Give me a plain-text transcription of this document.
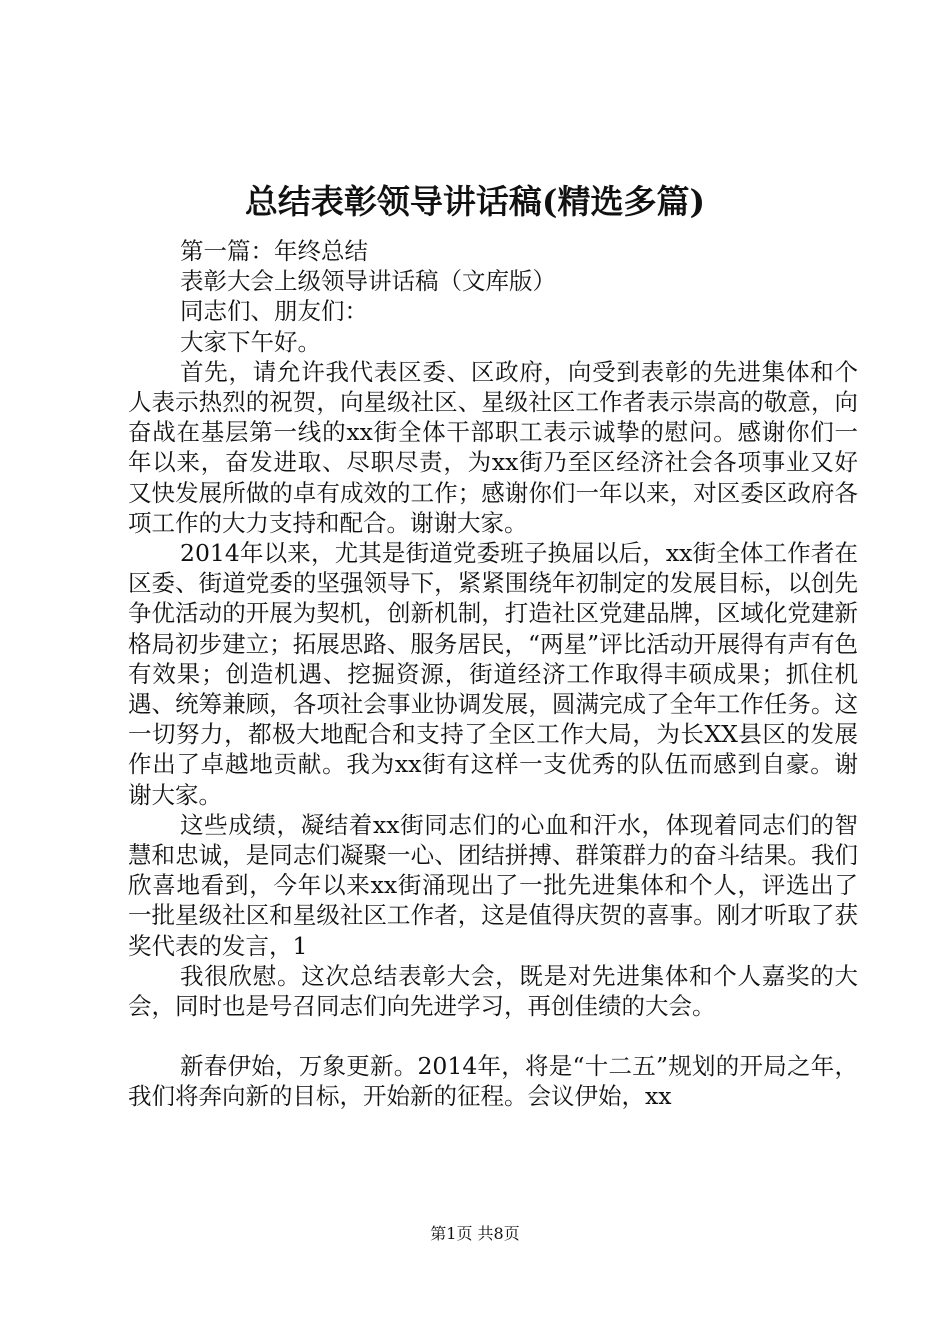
总结表彰领导讲话稿(精选多篇)
第一篇：年终总结
表彰大会上级领导讲话稿（文库版）
同志们、朋友们：
大家下午好。

首先，请允许我代表区委、区政府，向受到表彰的先进集体和个人表示热烈的祝贺，向星级社区、星级社区工作者表示崇高的敬意，向奋战在基层第一线的xx街全体干部职工表示诚挚的慰问。感谢你们一年以来，奋发进取、尽职尽责，为xx街乃至区经济社会各项事业又好又快发展所做的卓有成效的工作；感谢你们一年以来，对区委区政府各项工作的大力支持和配合。谢谢大家。

2014年以来，尤其是街道党委班子换届以后，xx街全体工作者在区委、街道党委的坚强领导下，紧紧围绕年初制定的发展目标，以创先争优活动的开展为契机，创新机制，打造社区党建品牌，区域化党建新格局初步建立；拓展思路、服务居民，“两星”评比活动开展得有声有色有效果；创造机遇、挖掘资源，街道经济工作取得丰硕成果；抓住机遇、统筹兼顾，各项社会事业协调发展，圆满完成了全年工作任务。这一切努力，都极大地配合和支持了全区工作大局，为长XX县区的发展作出了卓越地贡献。我为xx街有这样一支优秀的队伍而感到自豪。谢谢大家。

这些成绩，凝结着xx街同志们的心血和汗水，体现着同志们的智慧和忠诚，是同志们凝聚一心、团结拼搏、群策群力的奋斗结果。我们欣喜地看到，今年以来xx街涌现出了一批先进集体和个人，评选出了一批星级社区和星级社区工作者，这是值得庆贺的喜事。刚才听取了获奖代表的发言，1

我很欣慰。这次总结表彰大会，既是对先进集体和个人嘉奖的大会，同时也是号召同志们向先进学习，再创佳绩的大会。

新春伊始，万象更新。2014年，将是“十二五”规划的开局之年，我们将奔向新的目标，开始新的征程。会议伊始，xx

第1页 共8页
